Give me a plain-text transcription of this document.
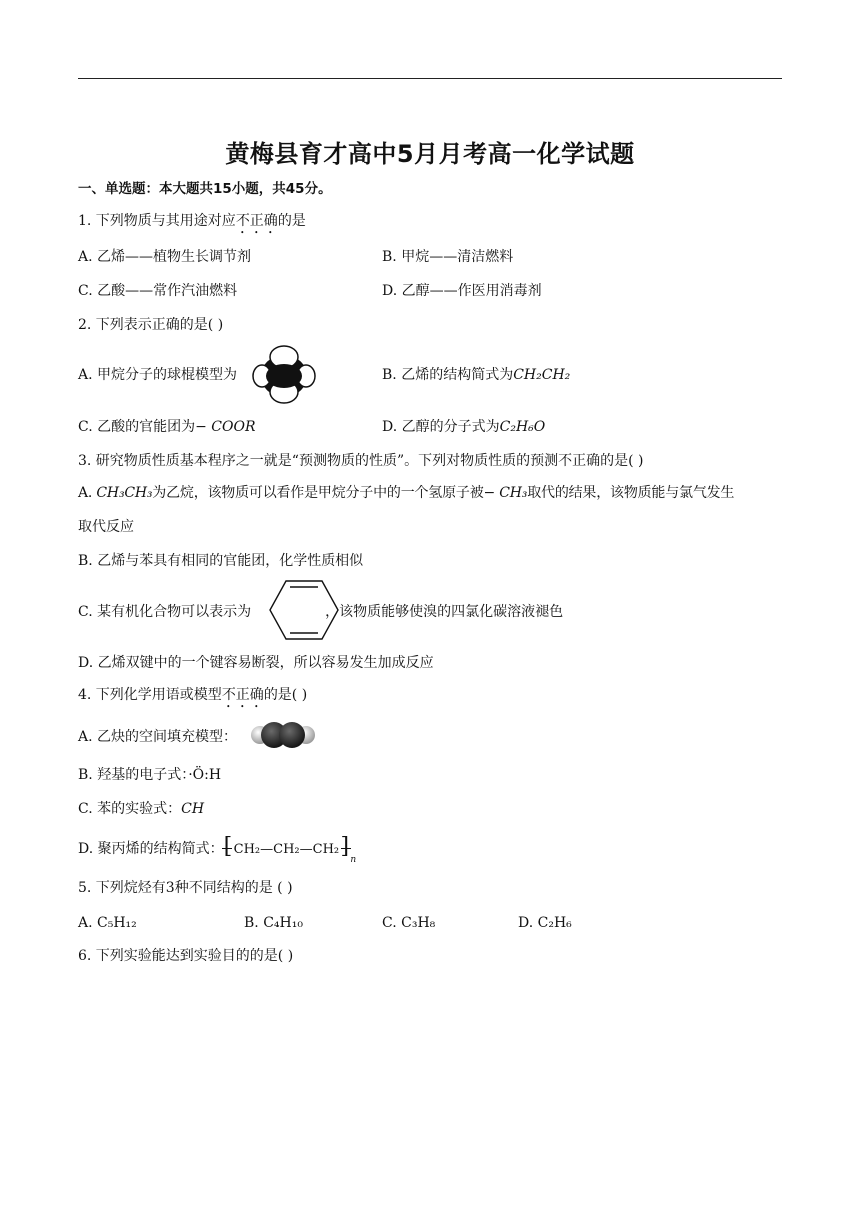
黄梅县育才高中5月月考高一化学试题
一、单选题：本大题共15小题，共45分。
1. 下列物质与其用途对应不正确的是
A. 乙烯——植物生长调节剂	B. 甲烷——清洁燃料
C. 乙酸——常作汽油燃料	D. 乙醇——作医用消毒剂
2. 下列表示正确的是( )
A. 甲烷分子的球棍模型为	B. 乙烯的结构简式为CH₂CH₂
C. 乙酸的官能团为− COOR	D. 乙醇的分子式为C₂H₆O
3. 研究物质性质基本程序之一就是“预测物质的性质”。下列对物质性质的预测不正确的是( )
A. CH₃CH₃为乙烷，该物质可以看作是甲烷分子中的一个氢原子被− CH₃取代的结果，该物质能与氯气发生
取代反应
B. 乙烯与苯具有相同的官能团，化学性质相似
C. 某有机化合物可以表示为	，该物质能够使溴的四氯化碳溶液褪色
D. 乙烯双键中的一个键容易断裂，所以容易发生加成反应
4. 下列化学用语或模型不正确的是( )
A. 乙炔的空间填充模型：
B. 羟基的电子式：·Ö:H
C. 苯的实验式：CH
D. 聚丙烯的结构简式： [ CH₂—CH₂—CH₂ ]
n
5. 下列烷烃有3种不同结构的是 ( )
A. C₅H₁₂	B. C₄H₁₀	C. C₃H₈	D. C₂H₆
6. 下列实验能达到实验目的的是( )
